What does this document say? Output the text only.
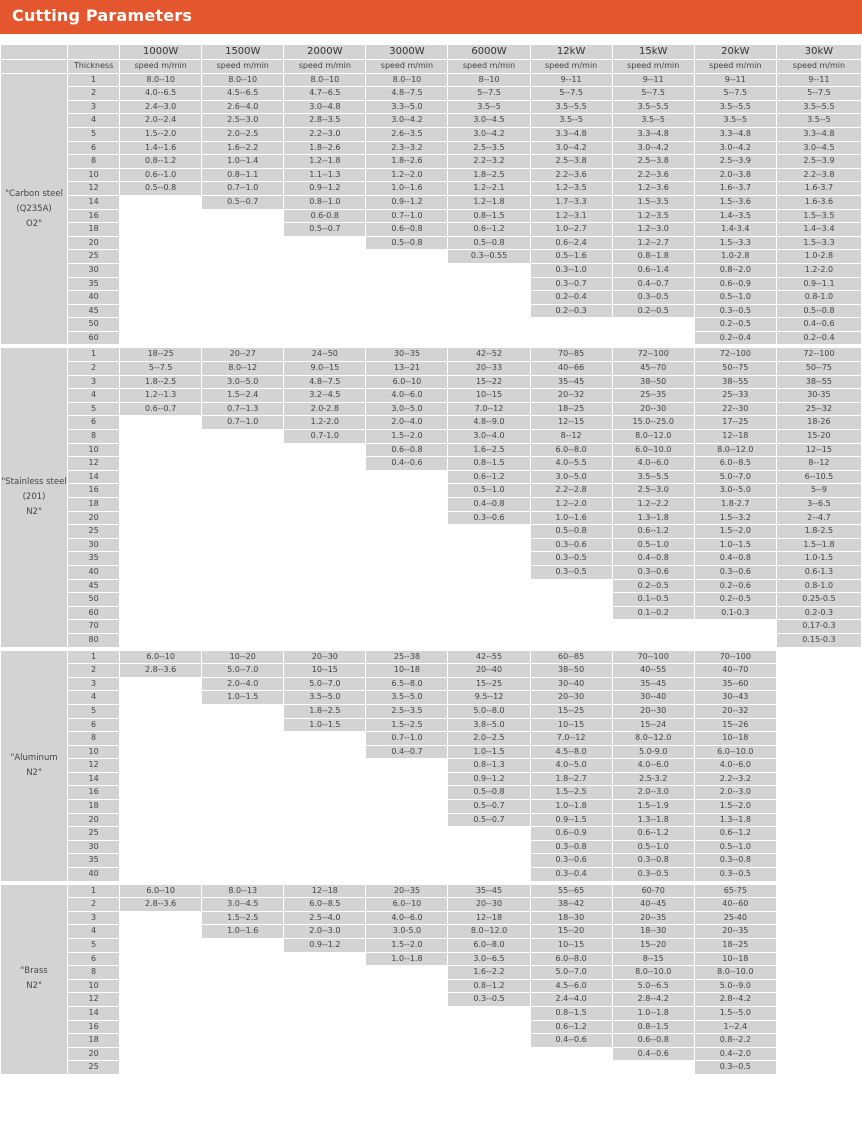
Cutting Parameters
		1000W	1500W	2000W	3000W	6000W	12kW	15kW	20kW	30kW
	Thickness	speed m/min	speed m/min	speed m/min	speed m/min	speed m/min	speed m/min	speed m/min	speed m/min	speed m/min

"Carbon steel
(Q235A)
O2"	1	8.0--10	8.0--10	8.0--10	8.0--10	8--10	9--11	9--11	9--11	9--11
	2	4.0--6.5	4.5--6.5	4.7--6.5	4.8--7.5	5--7.5	5--7.5	5--7.5	5--7.5	5--7.5
	3	2.4--3.0	2.6--4.0	3.0--4.8	3.3--5.0	3.5--5	3.5--5.5	3.5--5.5	3.5--5.5	3.5--5.5
	4	2.0--2.4	2.5--3.0	2.8--3.5	3.0--4.2	3.0--4.5	3.5--5	3.5--5	3.5--5	3.5--5
	5	1.5--2.0	2.0--2.5	2.2--3.0	2.6--3.5	3.0--4.2	3.3--4.8	3.3--4.8	3.3--4.8	3.3--4.8
	6	1.4--1.6	1.6--2.2	1.8--2.6	2.3--3.2	2.5--3.5	3.0--4.2	3.0--4.2	3.0--4.2	3.0--4.5
	8	0.8--1.2	1.0--1.4	1.2--1.8	1.8--2.6	2.2--3.2	2.5--3.8	2.5--3.8	2.5--3.9	2.5--3.9
	10	0.6--1.0	0.8--1.1	1.1--1.3	1.2--2.0	1.8--2.5	2.2--3.6	2.2--3.6	2.0--3.8	2.2--3.8
	12	0.5--0.8	0.7--1.0	0.9--1.2	1.0--1.6	1.2--2.1	1.2--3.5	1.2--3.6	1.6--3.7	1.6-3.7
	14		0.5--0.7	0.8--1.0	0.9--1.2	1.2--1.8	1.7--3.3	1.5--3.5	1.5--3.6	1.6-3.6
	16			0.6-0.8	0.7--1.0	0.8--1.5	1.2--3.1	1.2--3.5	1.4--3.5	1.5--3.5
	18			0.5--0.7	0.6--0.8	0.6--1.2	1.0--2.7	1.2--3.0	1.4-3.4	1.4--3.4
	20				0.5--0.8	0.5--0.8	0.6--2.4	1.2--2.7	1.5--3.3	1.5--3.3
	25					0.3--0.55	0.5--1.6	0.8--1.8	1.0-2.8	1.0-2.8
	30						0.3--1.0	0.6--1.4	0.8--2.0	1.2-2.0
	35						0.3--0.7	0.4--0.7	0.6--0.9	0.9--1.1
	40						0.2--0.4	0.3--0.5	0.5--1.0	0.8-1.0
	45						0.2--0.3	0.2--0.5	0.3--0.5	0.5--0.8
	50								0.2--0.5	0.4--0.6
	60								0.2--0.4	0.2--0.4

"Stainless steel
(201)
N2"	1	18--25	20--27	24--50	30--35	42--52	70--85	72--100	72--100	72--100
	2	5--7.5	8.0--12	9.0--15	13--21	20--33	40--66	45--70	50--75	50--75
	3	1.8--2.5	3.0--5.0	4.8--7.5	6.0--10	15--22	35--45	38--50	38--55	38--55
	4	1.2--1.3	1.5--2.4	3.2--4.5	4.0--6.0	10--15	20--32	25--35	25--33	30-35
	5	0.6--0.7	0.7--1.3	2.0-2.8	3.0--5.0	7.0--12	18--25	20--30	22--30	25--32
	6		0.7--1.0	1.2-2.0	2.0--4.0	4.8--9.0	12--15	15.0--25.0	17--25	18-26
	8			0.7-1.0	1.5--2.0	3.0--4.0	8--12	8.0--12.0	12--18	15-20
	10				0.6--0.8	1.6--2.5	6.0--8.0	6.0--10.0	8.0--12.0	12--15
	12				0.4--0.6	0.8--1.5	4.0--5.5	4.0--6.0	6.0--8.5	8--12
	14					0.6--1.2	3.0--5.0	3.5--5.5	5.0--7.0	6--10.5
	16					0.5--1.0	2.2--2.8	2.5--3.0	3.0--5.0	5--9
	18					0.4--0.8	1.2--2.0	1.2--2.2	1.8-2.7	3--6.5
	20					0.3--0.6	1.0--1.6	1.3--1.8	1.5--3.2	2--4.7
	25						0.5--0.8	0.6--1.2	1.5--2.0	1.8-2.5
	30						0.3--0.6	0.5--1.0	1.0--1.5	1.5--1.8
	35						0.3--0.5	0.4--0.8	0.4--0.8	1.0-1.5
	40						0.3--0.5	0.3--0.6	0.3--0.6	0.6-1.3
	45							0.2--0.5	0.2--0.6	0.8-1.0
	50							0.1--0.5	0.2--0.5	0.25-0.5
	60							0.1--0.2	0.1-0.3	0.2-0.3
	70									0.17-0.3
	80									0.15-0.3

"Aluminum
N2"	1	6.0--10	10--20	20--30	25--38	42--55	60--85	70--100	70--100	
	2	2.8--3.6	5.0--7.0	10--15	10--18	20--40	38--50	40--55	40--70	
	3		2.0--4.0	5.0--7.0	6.5--8.0	15--25	30--40	35--45	35--60	
	4		1.0--1.5	3.5--5.0	3.5--5.0	9.5--12	20--30	30--40	30--43	
	5			1.8--2.5	2.5--3.5	5.0--8.0	15--25	20--30	20--32	
	6			1.0--1.5	1.5--2.5	3.8--5.0	10--15	15--24	15--26	
	8				0.7--1.0	2.0--2.5	7.0--12	8.0--12.0	10--18	
	10				0.4--0.7	1.0--1.5	4.5--8.0	5.0-9.0	6.0--10.0	
	12					0.8--1.3	4.0--5.0	4.0--6.0	4.0--6.0	
	14					0.9--1.2	1.8--2.7	2.5-3.2	2.2--3.2	
	16					0.5--0.8	1.5--2.5	2.0--3.0	2.0--3.0	
	18					0.5--0.7	1.0--1.8	1.5--1.9	1.5--2.0	
	20					0.5--0.7	0.9--1.5	1.3--1.8	1.3--1.8	
	25						0.6--0.9	0.6--1.2	0.6--1.2	
	30						0.3--0.8	0.5--1.0	0.5--1.0	
	35						0.3--0.6	0.3--0.8	0.3--0.8	
	40						0.3--0.4	0.3--0.5	0.3--0.5	

"Brass
N2"	1	6.0--10	8.0--13	12--18	20--35	35--45	55--65	60-70	65-75	
	2	2.8--3.6	3.0--4.5	6.0--8.5	6.0--10	20--30	38--42	40--45	40--60	
	3		1.5--2.5	2.5--4.0	4.0--6.0	12--18	18--30	20--35	25-40	
	4		1.0--1.6	2.0--3.0	3.0-5.0	8.0--12.0	15--20	18--30	20--35	
	5			0.9--1.2	1.5--2.0	6.0--8.0	10--15	15--20	18--25	
	6				1.0--1.8	3.0--6.5	6.0--8.0	8--15	10--18	
	8					1.6--2.2	5.0--7.0	8.0--10.0	8.0--10.0	
	10					0.8--1.2	4.5--6.0	5.0--6.5	5.0--9.0	
	12					0.3--0.5	2.4--4.0	2.8--4.2	2.8--4.2	
	14						0.8--1.5	1.0--1.8	1.5--5.0	
	16						0.6--1.2	0.8--1.5	1--2.4	
	18						0.4--0.6	0.6--0.8	0.8--2.2	
	20							0.4--0.6	0.4--2.0	
	25								0.3--0.5	
